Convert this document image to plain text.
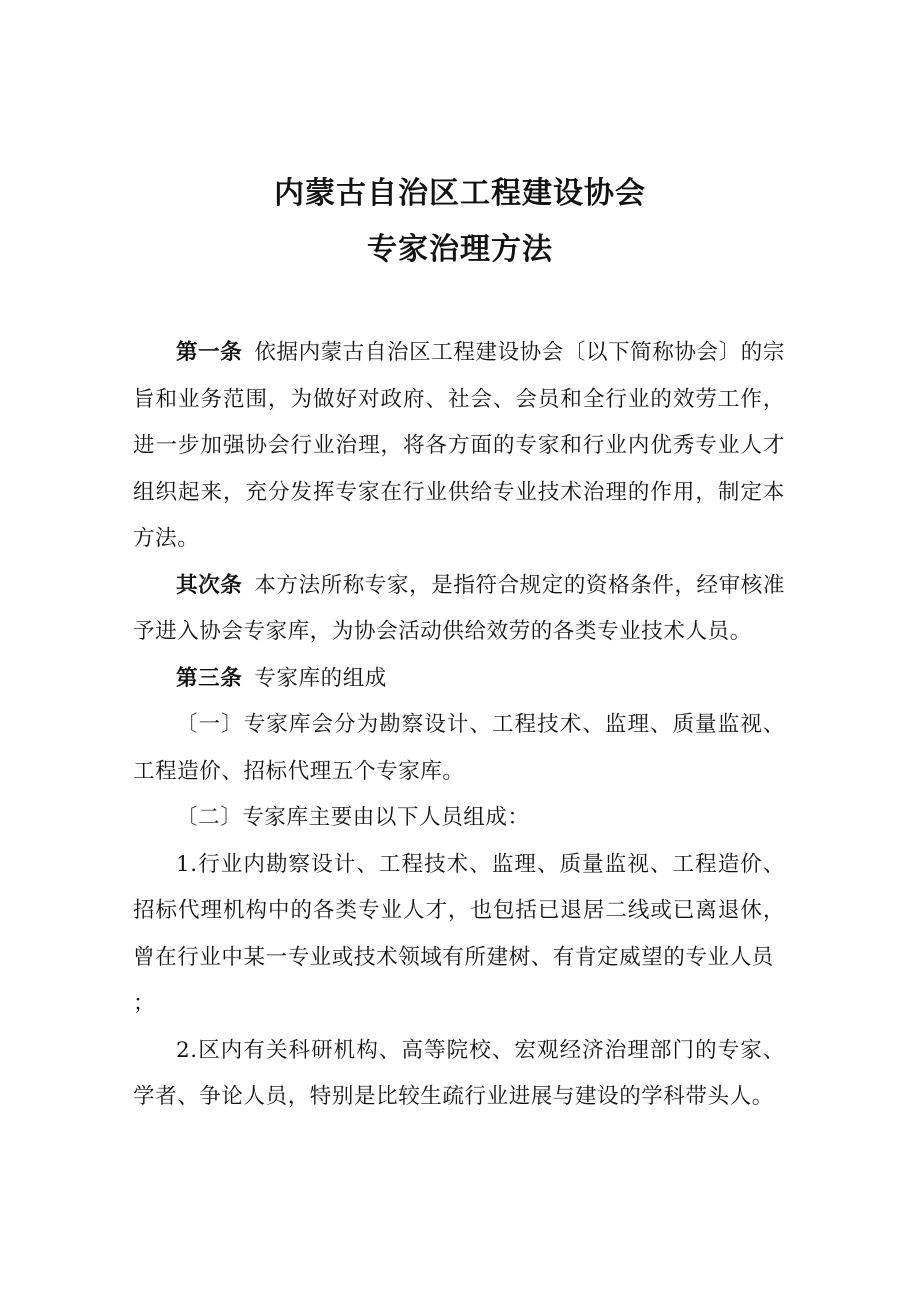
内蒙古自治区工程建设协会
专家治理方法

第一条 依据内蒙古自治区工程建设协会〔以下简称协会〕的宗旨和业务范围，为做好对政府、社会、会员和全行业的效劳工作，进一步加强协会行业治理，将各方面的专家和行业内优秀专业人才组织起来，充分发挥专家在行业供给专业技术治理的作用，制定本方法。

其次条 本方法所称专家，是指符合规定的资格条件，经审核准予进入协会专家库，为协会活动供给效劳的各类专业技术人员。

第三条 专家库的组成

〔一〕专家库会分为勘察设计、工程技术、监理、质量监视、 工程造价、招标代理五个专家库。

〔二〕专家库主要由以下人员组成：

1.行业内勘察设计、工程技术、监理、质量监视、工程造价、招标代理机构中的各类专业人才，也包括已退居二线或已离退休， 曾在行业中某一专业或技术领域有所建树、有肯定威望的专业人员

；

2.区内有关科研机构、高等院校、宏观经济治理部门的专家、 学者、争论人员，特别是比较生疏行业进展与建设的学科带头人。
